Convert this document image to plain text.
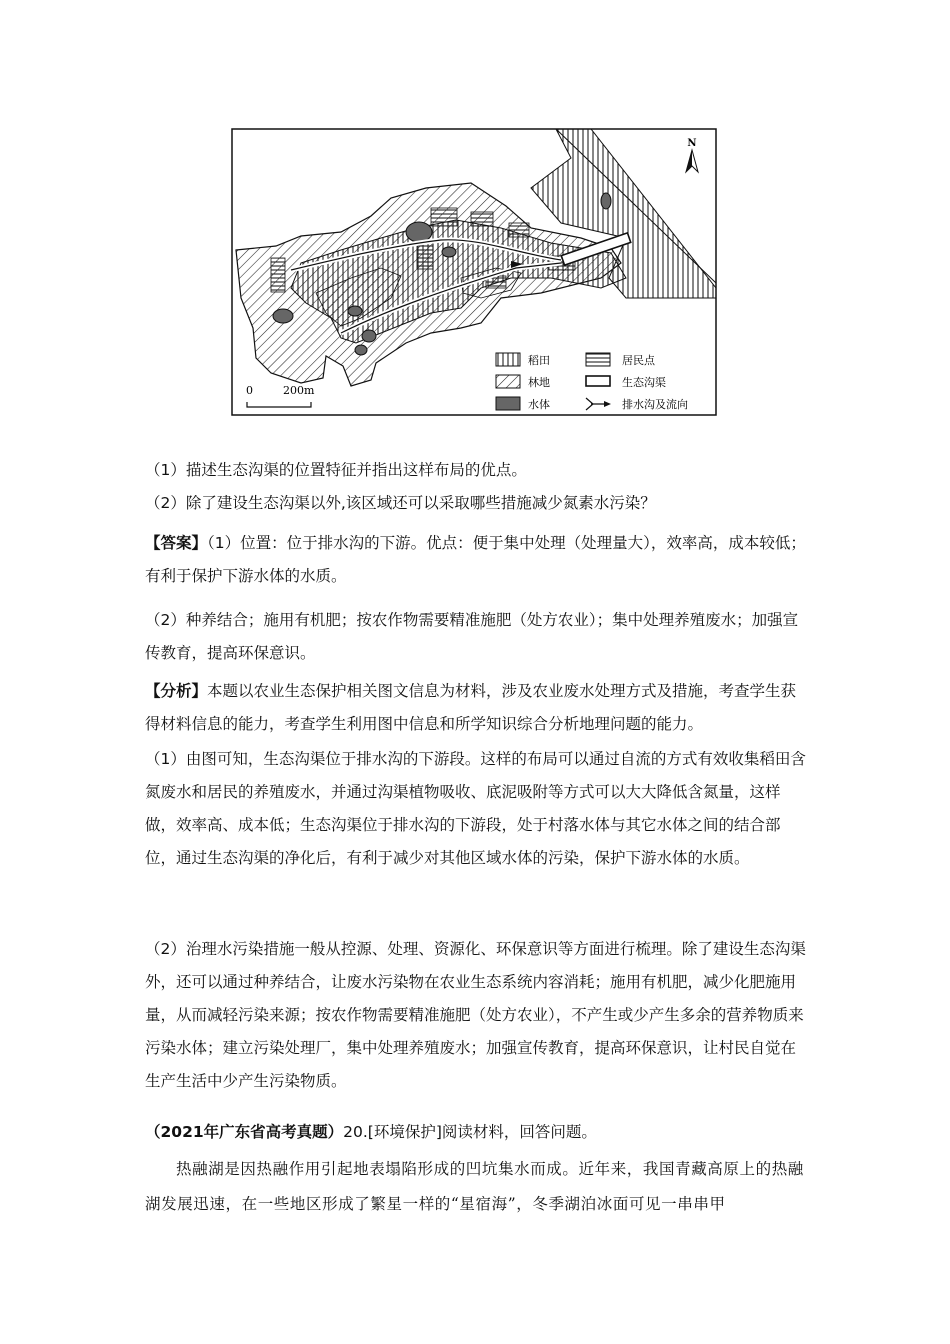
N
稻田
林地
水体
居民点
生态沟渠
排水沟及流向
0	200m

（1）描述生态沟渠的位置特征并指出这样布局的优点。

（2）除了建设生态沟渠以外,该区域还可以采取哪些措施减少氮素水污染？

【答案】（1）位置：位于排水沟的下游。优点：便于集中处理（处理量大），效率高，成本较低；有利于保护下游水体的水质。

（2）种养结合；施用有机肥；按农作物需要精准施肥（处方农业）；集中处理养殖废水；加强宣传教育，提高环保意识。

【分析】本题以农业生态保护相关图文信息为材料，涉及农业废水处理方式及措施，考查学生获得材料信息的能力，考查学生利用图中信息和所学知识综合分析地理问题的能力。

（1）由图可知，生态沟渠位于排水沟的下游段。这样的布局可以通过自流的方式有效收集稻田含氮废水和居民的养殖废水，并通过沟渠植物吸收、底泥吸附等方式可以大大降低含氮量，这样做，效率高、成本低；生态沟渠位于排水沟的下游段，处于村落水体与其它水体之间的结合部位，通过生态沟渠的净化后，有利于减少对其他区域水体的污染，保护下游水体的水质。

（2）治理水污染措施一般从控源、处理、资源化、环保意识等方面进行梳理。除了建设生态沟渠外，还可以通过种养结合，让废水污染物在农业生态系统内容消耗；施用有机肥，减少化肥施用量，从而减轻污染来源；按农作物需要精准施肥（处方农业），不产生或少产生多余的营养物质来污染水体；建立污染处理厂，集中处理养殖废水；加强宣传教育，提高环保意识，让村民自觉在生产生活中少产生污染物质。

（2021年广东省高考真题）20.[环境保护]阅读材料，回答问题。

热融湖是因热融作用引起地表塌陷形成的凹坑集水而成。近年来，我国青藏高原上的热融湖发展迅速，在一些地区形成了繁星一样的“星宿海”，冬季湖泊冰面可见一串串甲
